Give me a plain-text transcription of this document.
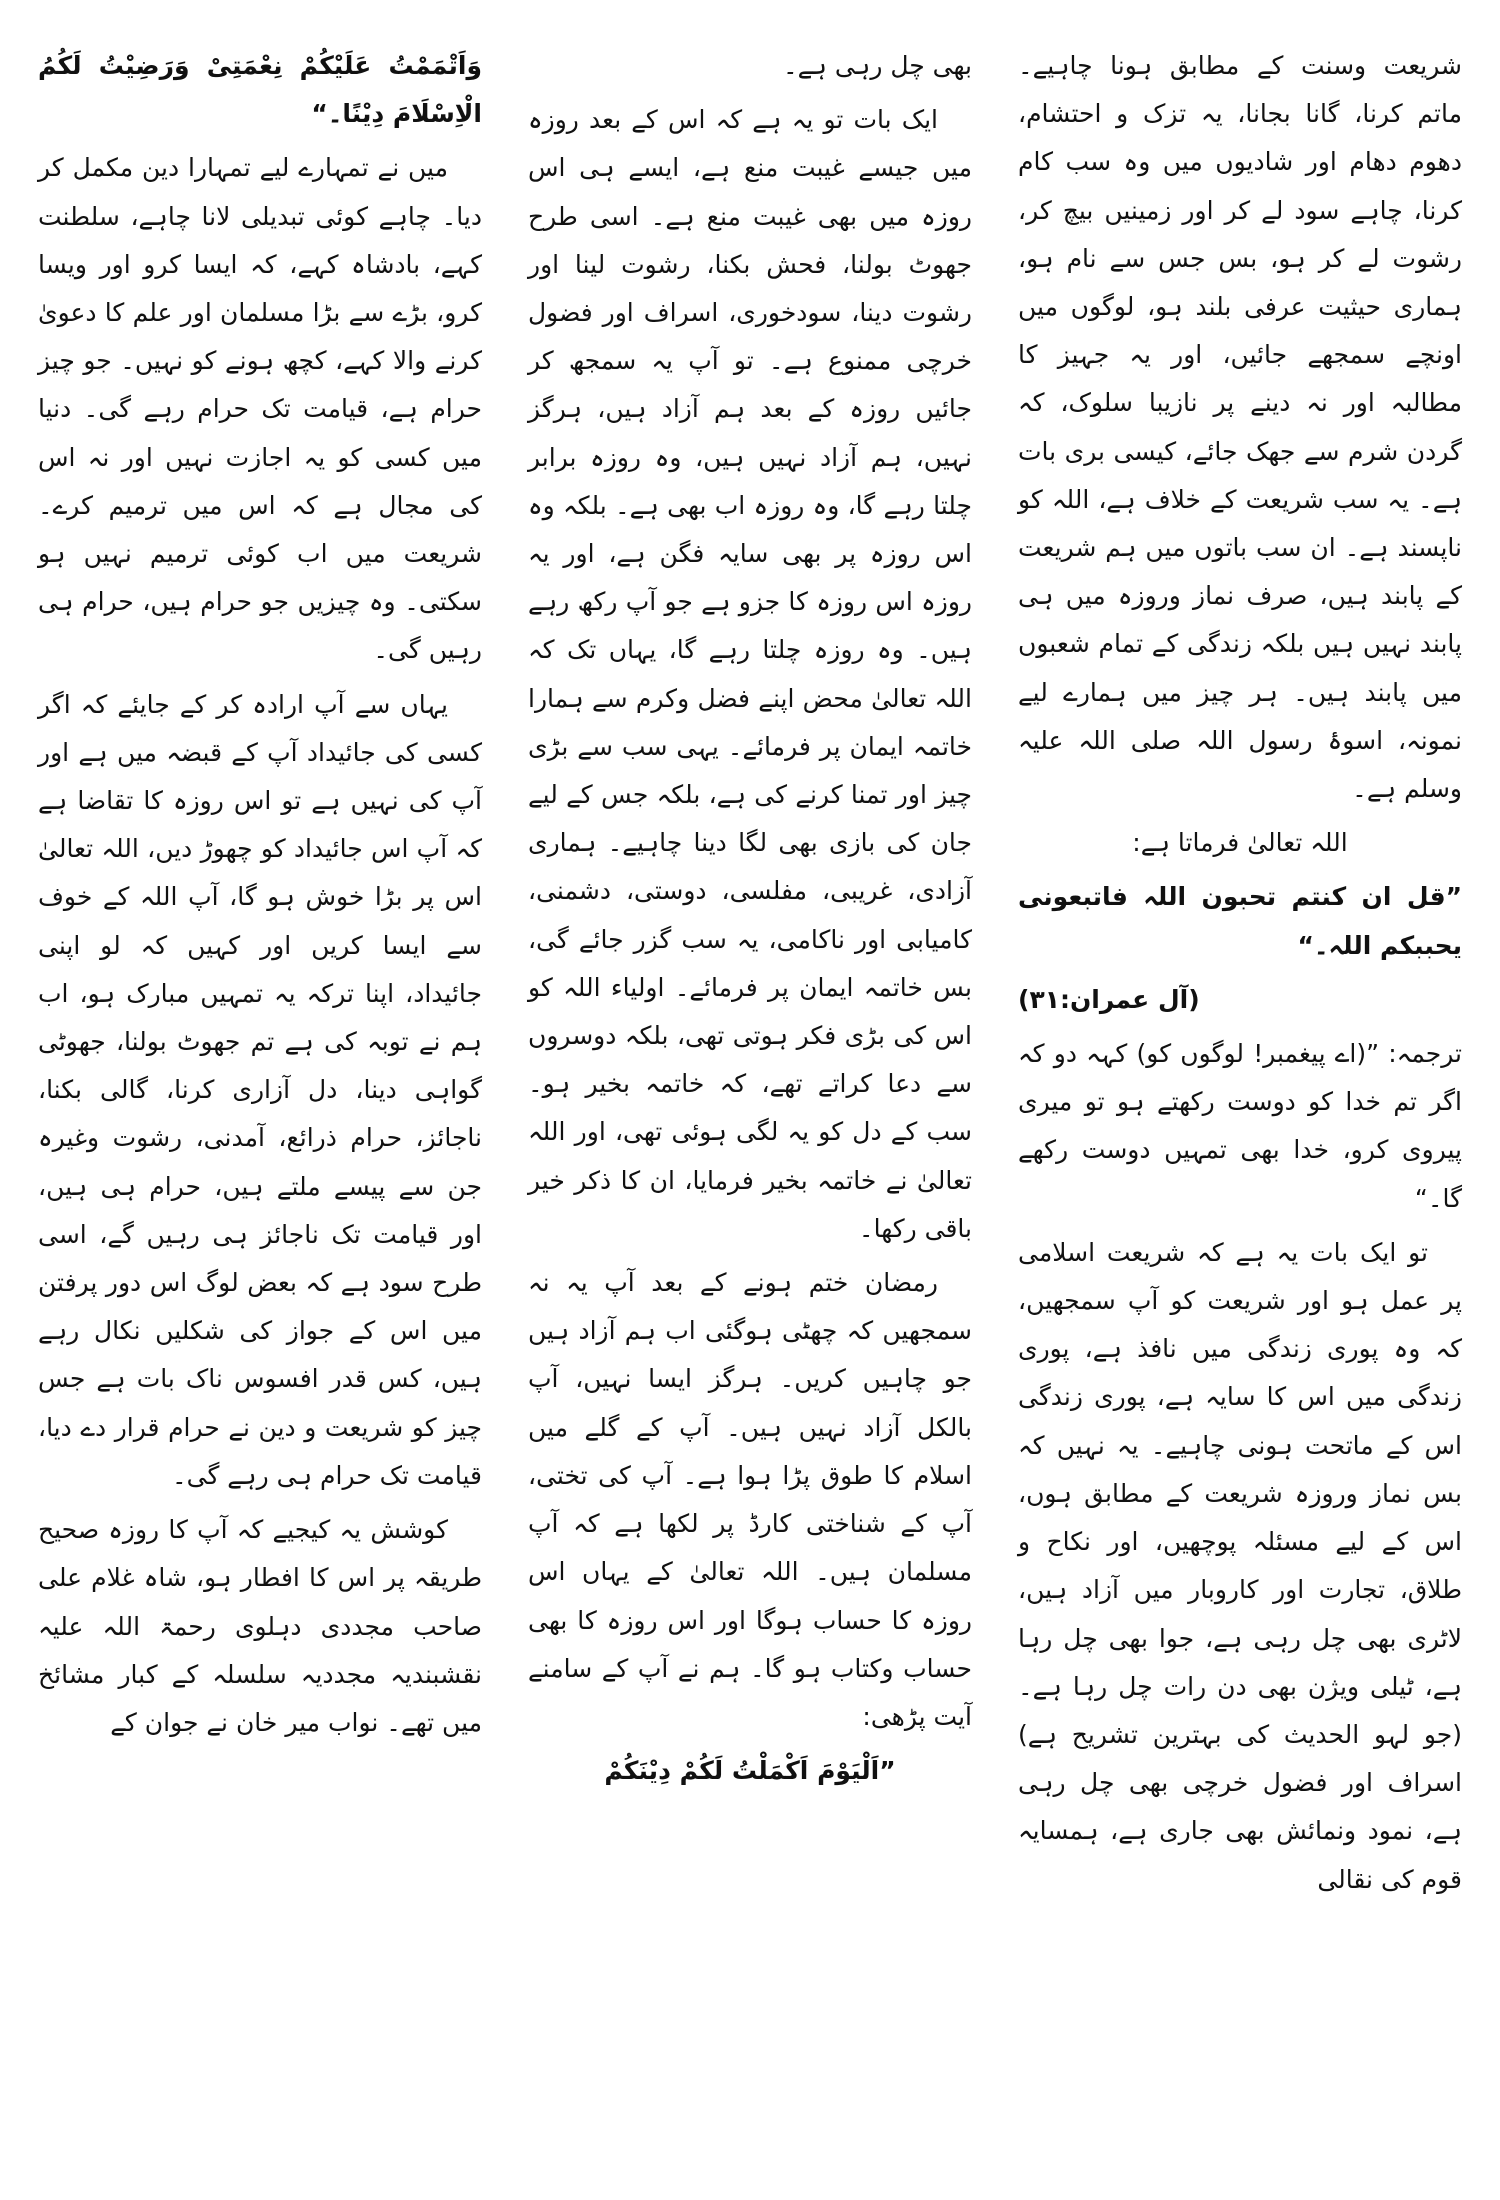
شریعت وسنت کے مطابق ہونا چاہیے۔ ماتم کرنا، گانا بجانا، یہ تزک و احتشام، دھوم دھام اور شادیوں میں وہ سب کام کرنا، چاہے سود لے کر اور زمینیں بیچ کر، رشوت لے کر ہو، بس جس سے نام ہو، ہماری حیثیت عرفی بلند ہو، لوگوں میں اونچے سمجھے جائیں، اور یہ جہیز کا مطالبہ اور نہ دینے پر نازیبا سلوک، کہ گردن شرم سے جھک جائے، کیسی بری بات ہے۔ یہ سب شریعت کے خلاف ہے، اللہ کو ناپسند ہے۔ ان سب باتوں میں ہم شریعت کے پابند ہیں، صرف نماز وروزہ میں ہی پابند نہیں ہیں بلکہ زندگی کے تمام شعبوں میں پابند ہیں۔ ہر چیز میں ہمارے لیے نمونہ، اسوۂ رسول اللہ صلی اللہ علیہ وسلم ہے۔

اللہ تعالیٰ فرماتا ہے:

”قل ان کنتم تحبون اللہ فاتبعونی یحببکم اللہ۔“

(آل عمران:۳۱)

ترجمہ: ”(اے پیغمبر! لوگوں کو) کہہ دو کہ اگر تم خدا کو دوست رکھتے ہو تو میری پیروی کرو، خدا بھی تمہیں دوست رکھے گا۔“

تو ایک بات یہ ہے کہ شریعت اسلامی پر عمل ہو اور شریعت کو آپ سمجھیں، کہ وہ پوری زندگی میں نافذ ہے، پوری زندگی میں اس کا سایہ ہے، پوری زندگی اس کے ماتحت ہونی چاہیے۔ یہ نہیں کہ بس نماز وروزہ شریعت کے مطابق ہوں، اس کے لیے مسئلہ پوچھیں، اور نکاح و طلاق، تجارت اور کاروبار میں آزاد ہیں، لاٹری بھی چل رہی ہے، جوا بھی چل رہا ہے، ٹیلی ویژن بھی دن رات چل رہا ہے۔ (جو لہو الحدیث کی بہترین تشریح ہے) اسراف اور فضول خرچی بھی چل رہی ہے، نمود ونمائش بھی جاری ہے، ہمسایہ قوم کی نقالی

بھی چل رہی ہے۔

ایک بات تو یہ ہے کہ اس کے بعد روزہ میں جیسے غیبت منع ہے، ایسے ہی اس روزہ میں بھی غیبت منع ہے۔ اسی طرح جھوٹ بولنا، فحش بکنا، رشوت لینا اور رشوت دینا، سودخوری، اسراف اور فضول خرچی ممنوع ہے۔ تو آپ یہ سمجھ کر جائیں روزہ کے بعد ہم آزاد ہیں، ہرگز نہیں، ہم آزاد نہیں ہیں، وہ روزہ برابر چلتا رہے گا، وہ روزہ اب بھی ہے۔ بلکہ وہ اس روزہ پر بھی سایہ فگن ہے، اور یہ روزہ اس روزہ کا جزو ہے جو آپ رکھ رہے ہیں۔ وہ روزہ چلتا رہے گا، یہاں تک کہ اللہ تعالیٰ محض اپنے فضل وکرم سے ہمارا خاتمہ ایمان پر فرمائے۔ یہی سب سے بڑی چیز اور تمنا کرنے کی ہے، بلکہ جس کے لیے جان کی بازی بھی لگا دینا چاہیے۔ ہماری آزادی، غریبی، مفلسی، دوستی، دشمنی، کامیابی اور ناکامی، یہ سب گزر جائے گی، بس خاتمہ ایمان پر فرمائے۔ اولیاء اللہ کو اس کی بڑی فکر ہوتی تھی، بلکہ دوسروں سے دعا کراتے تھے، کہ خاتمہ بخیر ہو۔ سب کے دل کو یہ لگی ہوئی تھی، اور اللہ تعالیٰ نے خاتمہ بخیر فرمایا، ان کا ذکر خیر باقی رکھا۔

رمضان ختم ہونے کے بعد آپ یہ نہ سمجھیں کہ چھٹی ہوگئی اب ہم آزاد ہیں جو چاہیں کریں۔ ہرگز ایسا نہیں، آپ بالکل آزاد نہیں ہیں۔ آپ کے گلے میں اسلام کا طوق پڑا ہوا ہے۔ آپ کی تختی، آپ کے شناختی کارڈ پر لکھا ہے کہ آپ مسلمان ہیں۔ اللہ تعالیٰ کے یہاں اس روزہ کا حساب ہوگا اور اس روزہ کا بھی حساب وکتاب ہو گا۔ ہم نے آپ کے سامنے آیت پڑھی:

”اَلْیَوْمَ اَکْمَلْتُ لَکُمْ دِیْنَکُمْ

وَاَتْمَمْتُ عَلَیْکُمْ نِعْمَتِیْ وَرَضِیْتُ لَکُمُ الْاِسْلَامَ دِیْنًا۔“

میں نے تمہارے لیے تمہارا دین مکمل کر دیا۔ چاہے کوئی تبدیلی لانا چاہے، سلطنت کہے، بادشاہ کہے، کہ ایسا کرو اور ویسا کرو، بڑے سے بڑا مسلمان اور علم کا دعویٰ کرنے والا کہے، کچھ ہونے کو نہیں۔ جو چیز حرام ہے، قیامت تک حرام رہے گی۔ دنیا میں کسی کو یہ اجازت نہیں اور نہ اس کی مجال ہے کہ اس میں ترمیم کرے۔ شریعت میں اب کوئی ترمیم نہیں ہو سکتی۔ وہ چیزیں جو حرام ہیں، حرام ہی رہیں گی۔

یہاں سے آپ ارادہ کر کے جایئے کہ اگر کسی کی جائیداد آپ کے قبضہ میں ہے اور آپ کی نہیں ہے تو اس روزہ کا تقاضا ہے کہ آپ اس جائیداد کو چھوڑ دیں، اللہ تعالیٰ اس پر بڑا خوش ہو گا، آپ اللہ کے خوف سے ایسا کریں اور کہیں کہ لو اپنی جائیداد، اپنا ترکہ یہ تمہیں مبارک ہو، اب ہم نے توبہ کی ہے تم جھوٹ بولنا، جھوٹی گواہی دینا، دل آزاری کرنا، گالی بکنا، ناجائز، حرام ذرائع، آمدنی، رشوت وغیرہ جن سے پیسے ملتے ہیں، حرام ہی ہیں، اور قیامت تک ناجائز ہی رہیں گے، اسی طرح سود ہے کہ بعض لوگ اس دور پرفتن میں اس کے جواز کی شکلیں نکال رہے ہیں، کس قدر افسوس ناک بات ہے جس چیز کو شریعت و دین نے حرام قرار دے دیا، قیامت تک حرام ہی رہے گی۔

کوشش یہ کیجیے کہ آپ کا روزہ صحیح طریقہ پر اس کا افطار ہو، شاہ غلام علی صاحب مجددی دہلوی رحمۃ اللہ علیہ نقشبندیہ مجددیہ سلسلہ کے کبار مشائخ میں تھے۔ نواب میر خان نے جوان کے
